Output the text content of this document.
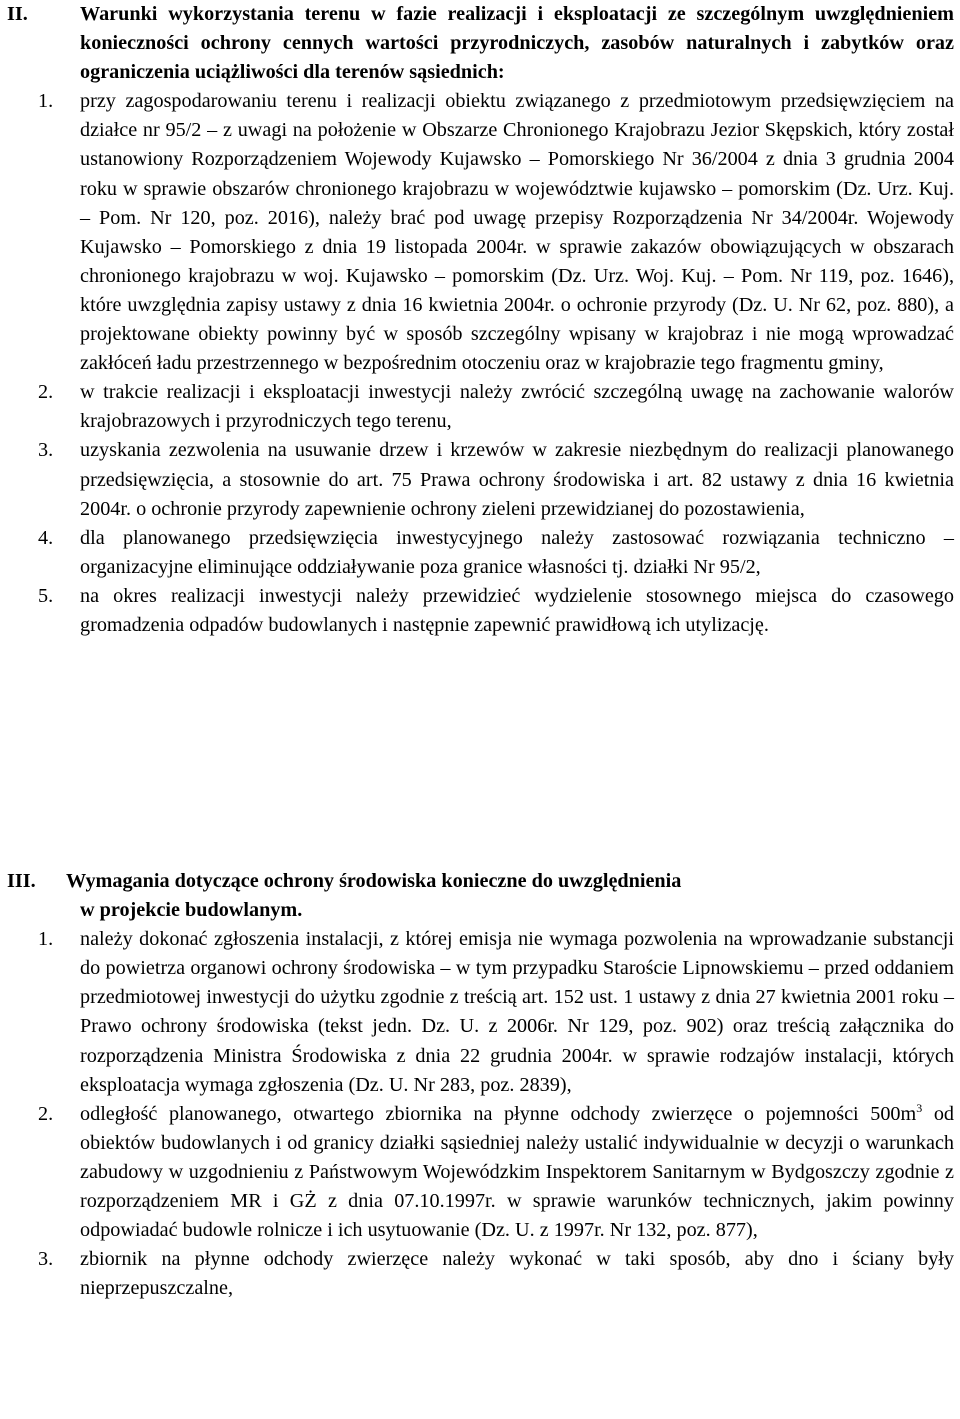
II.	Warunki wykorzystania terenu w fazie realizacji i eksploatacji ze szczególnym uwzględnieniem konieczności ochrony cennych wartości przyrodniczych, zasobów naturalnych i zabytków oraz ograniczenia uciążliwości dla terenów sąsiednich:
1. przy zagospodarowaniu terenu i realizacji obiektu związanego z przedmiotowym przedsięwzięciem na działce nr 95/2 – z uwagi na położenie w Obszarze Chronionego Krajobrazu Jezior Skępskich, który został ustanowiony Rozporządzeniem Wojewody Kujawsko – Pomorskiego Nr 36/2004 z dnia 3 grudnia 2004 roku w sprawie obszarów chronionego krajobrazu w województwie kujawsko – pomorskim (Dz. Urz. Kuj. – Pom. Nr 120, poz. 2016), należy brać pod uwagę przepisy Rozporządzenia Nr 34/2004r. Wojewody Kujawsko – Pomorskiego z dnia 19 listopada 2004r. w sprawie zakazów obowiązujących w obszarach chronionego krajobrazu w woj. Kujawsko – pomorskim (Dz. Urz. Woj. Kuj. – Pom. Nr 119, poz. 1646), które uwzględnia zapisy ustawy z dnia 16 kwietnia 2004r. o ochronie przyrody (Dz. U. Nr 62, poz. 880), a projektowane obiekty powinny być w sposób szczególny wpisany w krajobraz i nie mogą wprowadzać zakłóceń ładu przestrzennego w bezpośrednim otoczeniu oraz w krajobrazie tego fragmentu gminy,
2. w trakcie realizacji i eksploatacji inwestycji należy zwrócić szczególną uwagę na zachowanie walorów krajobrazowych i przyrodniczych tego terenu,
3. uzyskania zezwolenia na usuwanie drzew i krzewów w zakresie niezbędnym do realizacji planowanego przedsięwzięcia, a stosownie do art. 75 Prawa ochrony środowiska i art. 82 ustawy z dnia 16 kwietnia 2004r. o ochronie przyrody zapewnienie ochrony zieleni przewidzianej do pozostawienia,
4. dla planowanego przedsięwzięcia inwestycyjnego należy zastosować rozwiązania techniczno – organizacyjne eliminujące oddziaływanie poza granice własności tj. działki Nr 95/2,
5. na okres realizacji inwestycji należy przewidzieć wydzielenie stosownego miejsca do czasowego gromadzenia odpadów budowlanych i następnie zapewnić prawidłową ich utylizację.
III. Wymagania dotyczące ochrony środowiska konieczne do uwzględnienia
w projekcie budowlanym.
1. należy dokonać zgłoszenia instalacji, z której emisja nie wymaga pozwolenia na wprowadzanie substancji do powietrza organowi ochrony środowiska – w tym przypadku Staroście Lipnowskiemu – przed oddaniem przedmiotowej inwestycji do użytku zgodnie z treścią art. 152 ust. 1 ustawy z dnia 27 kwietnia 2001 roku – Prawo ochrony środowiska (tekst jedn. Dz. U. z 2006r. Nr 129, poz. 902) oraz treścią załącznika do rozporządzenia Ministra Środowiska z dnia 22 grudnia 2004r. w sprawie rodzajów instalacji, których eksploatacja wymaga zgłoszenia (Dz. U. Nr 283, poz. 2839),
2. odległość planowanego, otwartego zbiornika na płynne odchody zwierzęce o pojemności $500m^3$ od obiektów budowlanych i od granicy działki sąsiedniej należy ustalić indywidualnie w decyzji o warunkach zabudowy w uzgodnieniu z Państwowym Wojewódzkim Inspektorem Sanitarnym w Bydgoszczy zgodnie z rozporządzeniem MR i GŻ z dnia 07.10.1997r. w sprawie warunków technicznych, jakim powinny odpowiadać budowle rolnicze i ich usytuowanie (Dz. U. z 1997r. Nr 132, poz. 877),
3. zbiornik na płynne odchody zwierzęce należy wykonać w taki sposób, aby dno i ściany były nieprzepuszczalne,
